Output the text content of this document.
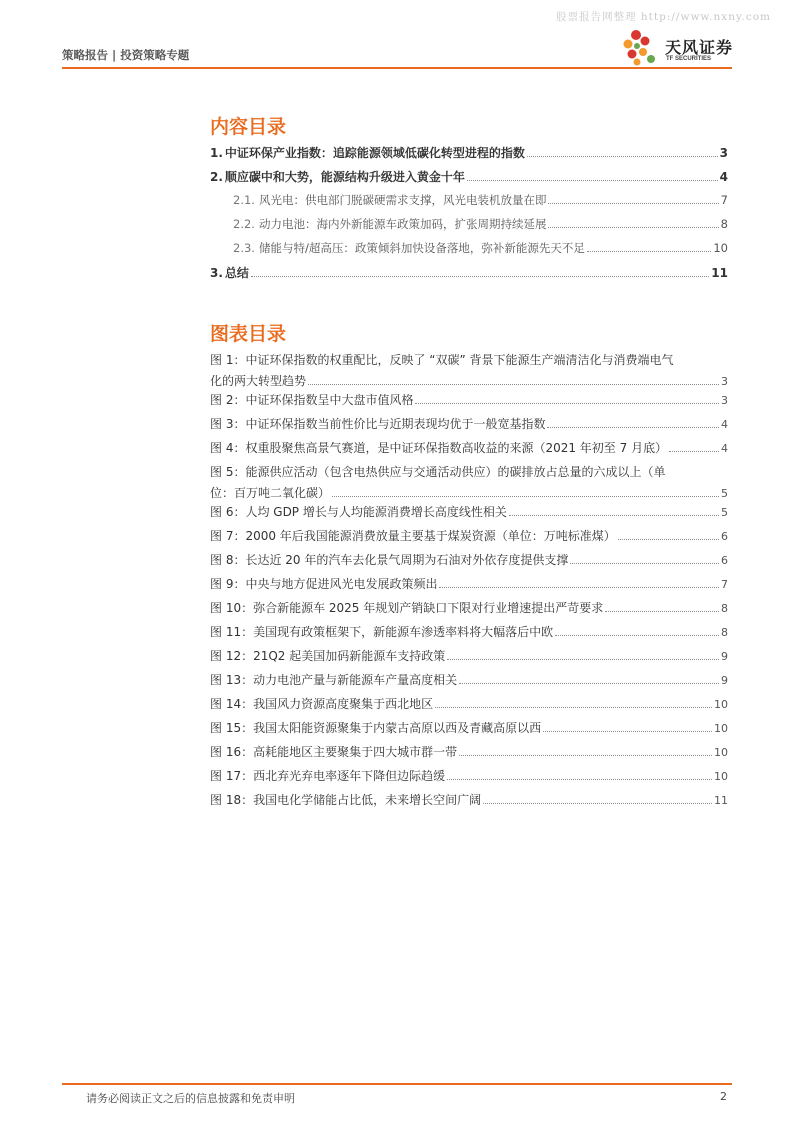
股票报告网整理 http://www.nxny.com
策略报告 | 投资策略专题	天风证券
TF SECURITIES
内容目录
1. 中证环保产业指数：追踪能源领域低碳化转型进程的指数	3
2. 顺应碳中和大势，能源结构升级进入黄金十年	4
2.1. 风光电：供电部门脱碳硬需求支撑，风光电装机放量在即	7
2.2. 动力电池：海内外新能源车政策加码，扩张周期持续延展	8
2.3. 储能与特/超高压：政策倾斜加快设备落地，弥补新能源先天不足	10
3. 总结	11
图表目录
图 1：中证环保指数的权重配比，反映了 “双碳” 背景下能源生产端清洁化与消费端电气
化的两大转型趋势	3
图 2：中证环保指数呈中大盘市值风格	3
图 3：中证环保指数当前性价比与近期表现均优于一般宽基指数	4
图 4：权重股聚焦高景气赛道，是中证环保指数高收益的来源（2021 年初至 7 月底）	4
图 5：能源供应活动（包含电热供应与交通活动供应）的碳排放占总量的六成以上（单
位：百万吨二氧化碳）	5
图 6：人均 GDP 增长与人均能源消费增长高度线性相关	5
图 7：2000 年后我国能源消费放量主要基于煤炭资源（单位：万吨标准煤）	6
图 8：长达近 20 年的汽车去化景气周期为石油对外依存度提供支撑	6
图 9：中央与地方促进风光电发展政策频出	7
图 10：弥合新能源车 2025 年规划产销缺口下限对行业增速提出严苛要求	8
图 11：美国现有政策框架下，新能源车渗透率料将大幅落后中欧	8
图 12：21Q2 起美国加码新能源车支持政策	9
图 13：动力电池产量与新能源车产量高度相关	9
图 14：我国风力资源高度聚集于西北地区	10
图 15：我国太阳能资源聚集于内蒙古高原以西及青藏高原以西	10
图 16：高耗能地区主要聚集于四大城市群一带	10
图 17：西北弃光弃电率逐年下降但边际趋缓	10
图 18：我国电化学储能占比低，未来增长空间广阔	11
请务必阅读正文之后的信息披露和免责申明	2
